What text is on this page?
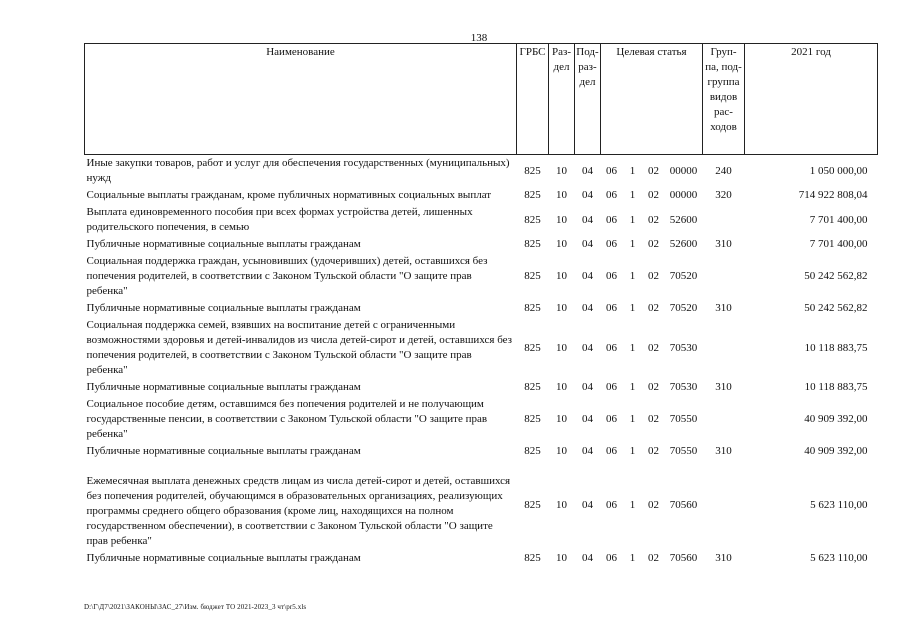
138
Наименование	ГРБС	Раз- дел	Под- раз- дел	Целевая статья				Груп- па, под- группа видов рас- ходов	2021 год
Иные закупки товаров, работ и услуг для обеспечения государственных (муниципальных) нужд	825	10	04	06	1	02	00000	240	1 050 000,00
Социальные выплаты гражданам, кроме публичных нормативных социальных выплат	825	10	04	06	1	02	00000	320	714 922 808,04
Выплата единовременного пособия при всех формах устройства детей, лишенных родительского попечения, в семью	825	10	04	06	1	02	52600		7 701 400,00
Публичные нормативные социальные выплаты гражданам	825	10	04	06	1	02	52600	310	7 701 400,00
Социальная поддержка граждан, усыновивших (удочеривших) детей, оставшихся без попечения родителей, в соответствии с Законом Тульской области "О защите прав ребенка"	825	10	04	06	1	02	70520		50 242 562,82
Публичные нормативные социальные выплаты гражданам	825	10	04	06	1	02	70520	310	50 242 562,82
Социальная поддержка семей, взявших на воспитание детей с ограниченными возможностями здоровья и детей-инвалидов из числа детей-сирот и детей, оставшихся без попечения родителей, в соответствии с Законом Тульской области "О защите прав ребенка"	825	10	04	06	1	02	70530		10 118 883,75
Публичные нормативные социальные выплаты гражданам	825	10	04	06	1	02	70530	310	10 118 883,75
Социальное пособие детям, оставшимся без попечения родителей и не получающим государственные пенсии, в соответствии с Законом Тульской области "О защите прав ребенка"	825	10	04	06	1	02	70550		40 909 392,00
Публичные нормативные социальные выплаты гражданам	825	10	04	06	1	02	70550	310	40 909 392,00
Ежемесячная выплата денежных средств лицам из числа детей-сирот и детей, оставшихся без попечения родителей, обучающимся в образовательных организациях, реализующих программы среднего общего образования (кроме лиц, находящихся на полном государственном обеспечении), в соответствии с Законом Тульской области "О защите прав ребенка"	825	10	04	06	1	02	70560		5 623 110,00
Публичные нормативные социальные выплаты гражданам	825	10	04	06	1	02	70560	310	5 623 110,00
D:\Г\Д7\2021\ЗАКОНЫ\ЗАС_27\Изм. бюджет ТО 2021-2023_3 чт\pr5.xls
